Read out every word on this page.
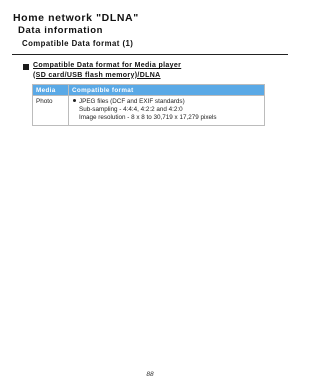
Home network "DLNA"
Data information
Compatible Data format (1)
Compatible Data format for Media player
(SD card/USB flash memory)/DLNA
Media	Compatible format
Photo	JPEG files (DCF and EXIF standards)
Sub-sampling - 4:4:4, 4:2:2 and 4:2:0
Image resolution - 8 x 8 to 30,719 x 17,279 pixels
88
